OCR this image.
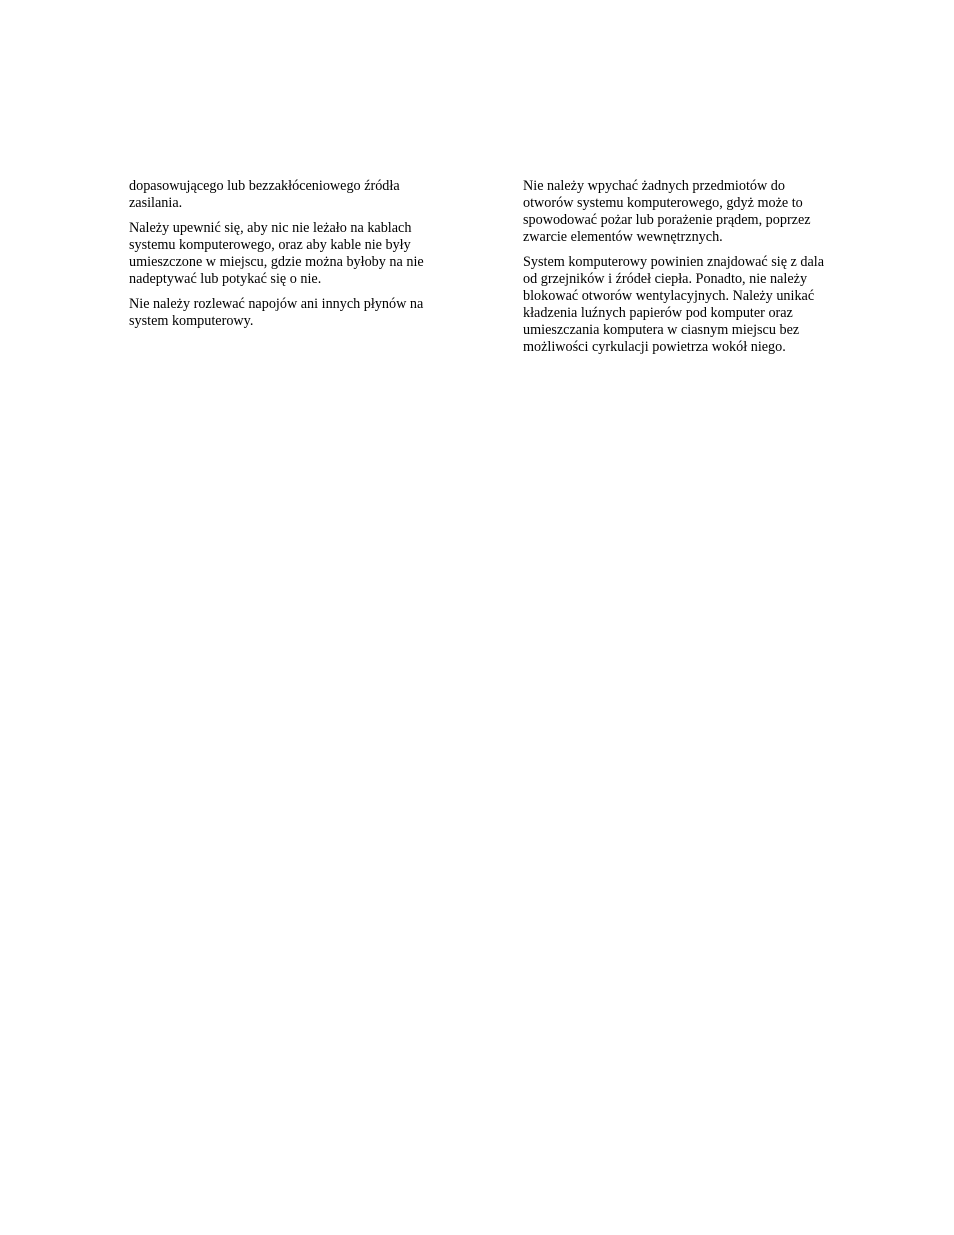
dopasowującego lub bezzakłóceniowego źródła
zasilania.

Należy upewnić się, aby nic nie leżało na kablach
systemu komputerowego, oraz aby kable nie były
umieszczone w miejscu, gdzie można byłoby na nie
nadeptywać lub potykać się o nie.

Nie należy rozlewać napojów ani innych płynów na
system komputerowy.

Nie należy wpychać żadnych przedmiotów do
otworów systemu komputerowego, gdyż może to
spowodować pożar lub porażenie prądem, poprzez
zwarcie elementów wewnętrznych.

System komputerowy powinien znajdować się z dala
od grzejników i źródeł ciepła. Ponadto, nie należy
blokować otworów wentylacyjnych. Należy unikać
kładzenia luźnych papierów pod komputer oraz
umieszczania komputera w ciasnym miejscu bez
możliwości cyrkulacji powietrza wokół niego.
